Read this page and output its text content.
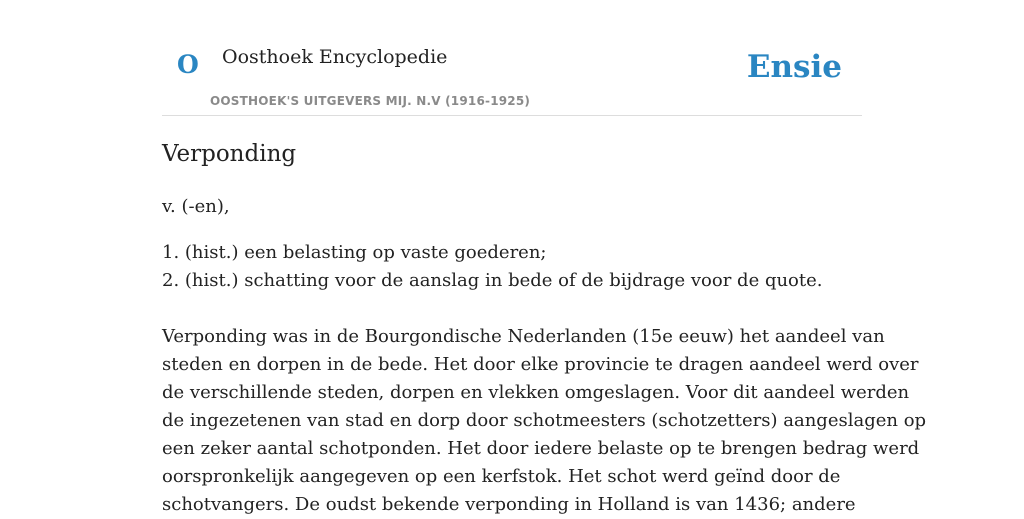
O Oosthoek Encyclopedie
OOSTHOEK'S UITGEVERS MIJ. N.V (1916-1925)
Ensie
Verponding

v. (-en),

1. (hist.) een belasting op vaste goederen;
2. (hist.) schatting voor de aanslag in bede of de bijdrage voor de quote.
Verponding was in de Bourgondische Nederlanden (15e eeuw) het aandeel van
steden en dorpen in de bede. Het door elke provincie te dragen aandeel werd over
de verschillende steden, dorpen en vlekken omgeslagen. Voor dit aandeel werden
de ingezetenen van stad en dorp door schotmeesters (schotzetters) aangeslagen op
een zeker aantal schotponden. Het door iedere belaste op te brengen bedrag werd
oorspronkelijk aangegeven op een kerfstok. Het schot werd geïnd door de
schotvangers. De oudst bekende verponding in Holland is van 1436; andere
